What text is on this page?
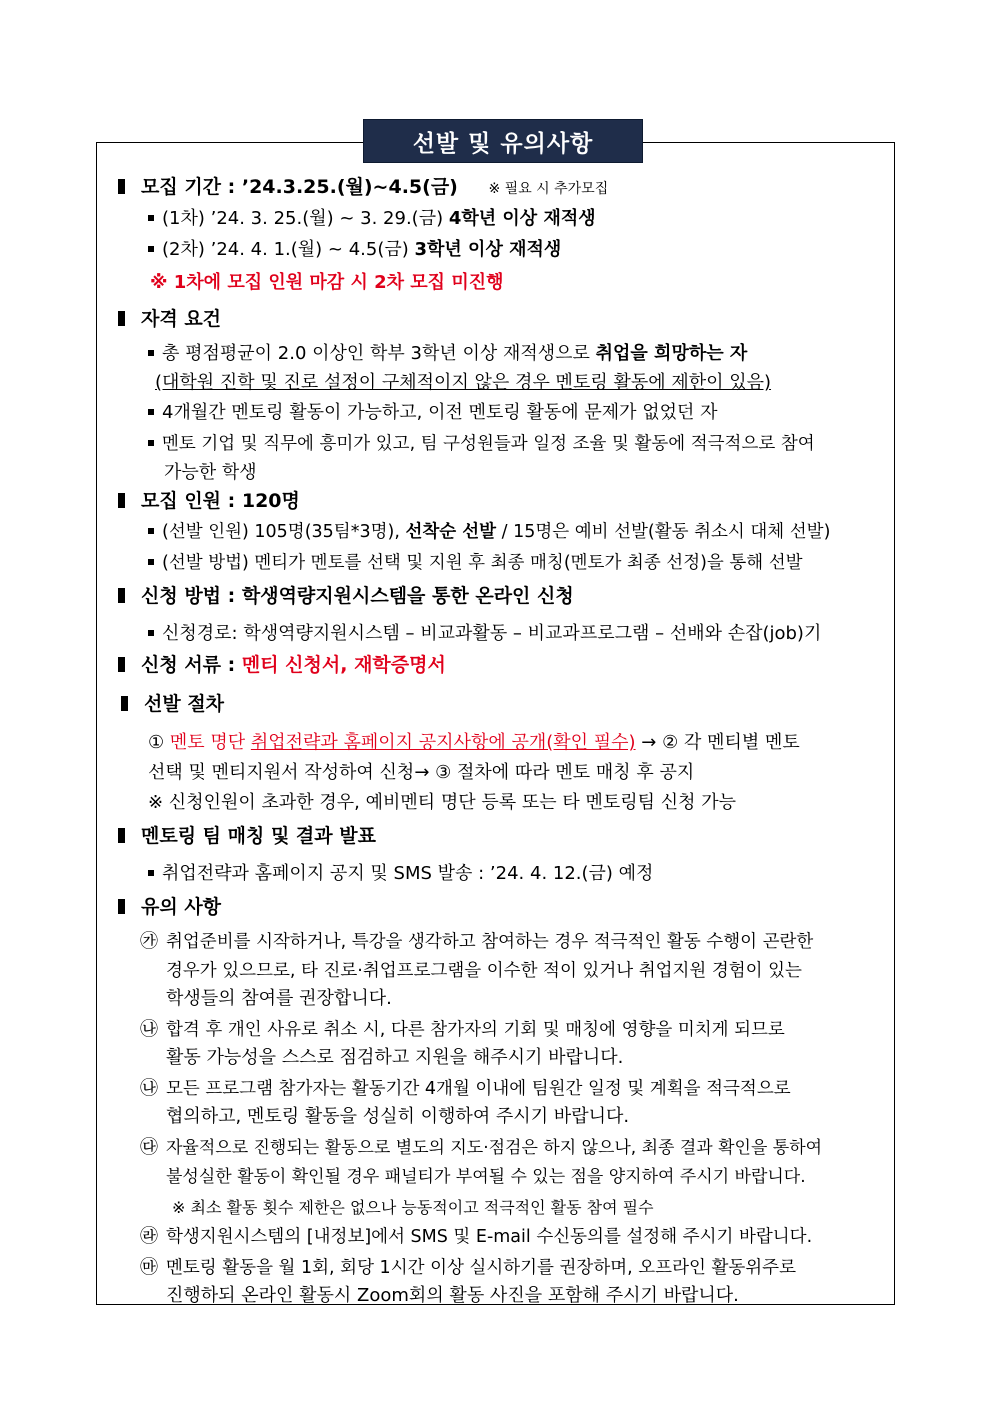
선발 및 유의사항
모집 기간 : ’24.3.25.(월)~4.5(금) ※ 필요 시 추가모집
(1차) ’24. 3. 25.(월) ~ 3. 29.(금) 4학년 이상 재적생
(2차) ’24. 4. 1.(월) ~ 4.5(금) 3학년 이상 재적생
※ 1차에 모집 인원 마감 시 2차 모집 미진행
자격 요건
총 평점평균이 2.0 이상인 학부 3학년 이상 재적생으로 취업을 희망하는 자
(대학원 진학 및 진로 설정이 구체적이지 않은 경우 멘토링 활동에 제한이 있음)
4개월간 멘토링 활동이 가능하고, 이전 멘토링 활동에 문제가 없었던 자
멘토 기업 및 직무에 흥미가 있고, 팀 구성원들과 일정 조율 및 활동에 적극적으로 참여
가능한 학생
모집 인원 : 120명
(선발 인원) 105명(35팀*3명), 선착순 선발 / 15명은 예비 선발(활동 취소시 대체 선발)
(선발 방법) 멘티가 멘토를 선택 및 지원 후 최종 매칭(멘토가 최종 선정)을 통해 선발
신청 방법 : 학생역량지원시스템을 통한 온라인 신청
신청경로: 학생역량지원시스템 – 비교과활동 – 비교과프로그램 – 선배와 손잡(job)기
신청 서류 : 멘티 신청서, 재학증명서
선발 절차
① 멘토 명단 취업전략과 홈페이지 공지사항에 공개(확인 필수) → ② 각 멘티별 멘토
선택 및 멘티지원서 작성하여 신청→ ③ 절차에 따라 멘토 매칭 후 공지
※ 신청인원이 초과한 경우, 예비멘티 명단 등록 또는 타 멘토링팀 신청 가능
멘토링 팀 매칭 및 결과 발표
취업전략과 홈페이지 공지 및 SMS 발송 : ’24. 4. 12.(금) 예정
유의 사항
㉮ 취업준비를 시작하거나, 특강을 생각하고 참여하는 경우 적극적인 활동 수행이 곤란한
경우가 있으므로, 타 진로·취업프로그램을 이수한 적이 있거나 취업지원 경험이 있는
학생들의 참여를 권장합니다.
㉯ 합격 후 개인 사유로 취소 시, 다른 참가자의 기회 및 매칭에 영향을 미치게 되므로
활동 가능성을 스스로 점검하고 지원을 해주시기 바랍니다.
㉯ 모든 프로그램 참가자는 활동기간 4개월 이내에 팀원간 일정 및 계획을 적극적으로
협의하고, 멘토링 활동을 성실히 이행하여 주시기 바랍니다.
㉰ 자율적으로 진행되는 활동으로 별도의 지도·점검은 하지 않으나, 최종 결과 확인을 통하여
불성실한 활동이 확인될 경우 패널티가 부여될 수 있는 점을 양지하여 주시기 바랍니다.
※ 최소 활동 횟수 제한은 없으나 능동적이고 적극적인 활동 참여 필수
㉱ 학생지원시스템의 [내정보]에서 SMS 및 E-mail 수신동의를 설정해 주시기 바랍니다.
㉲ 멘토링 활동을 월 1회, 회당 1시간 이상 실시하기를 권장하며, 오프라인 활동위주로
진행하되 온라인 활동시 Zoom회의 활동 사진을 포함해 주시기 바랍니다.
